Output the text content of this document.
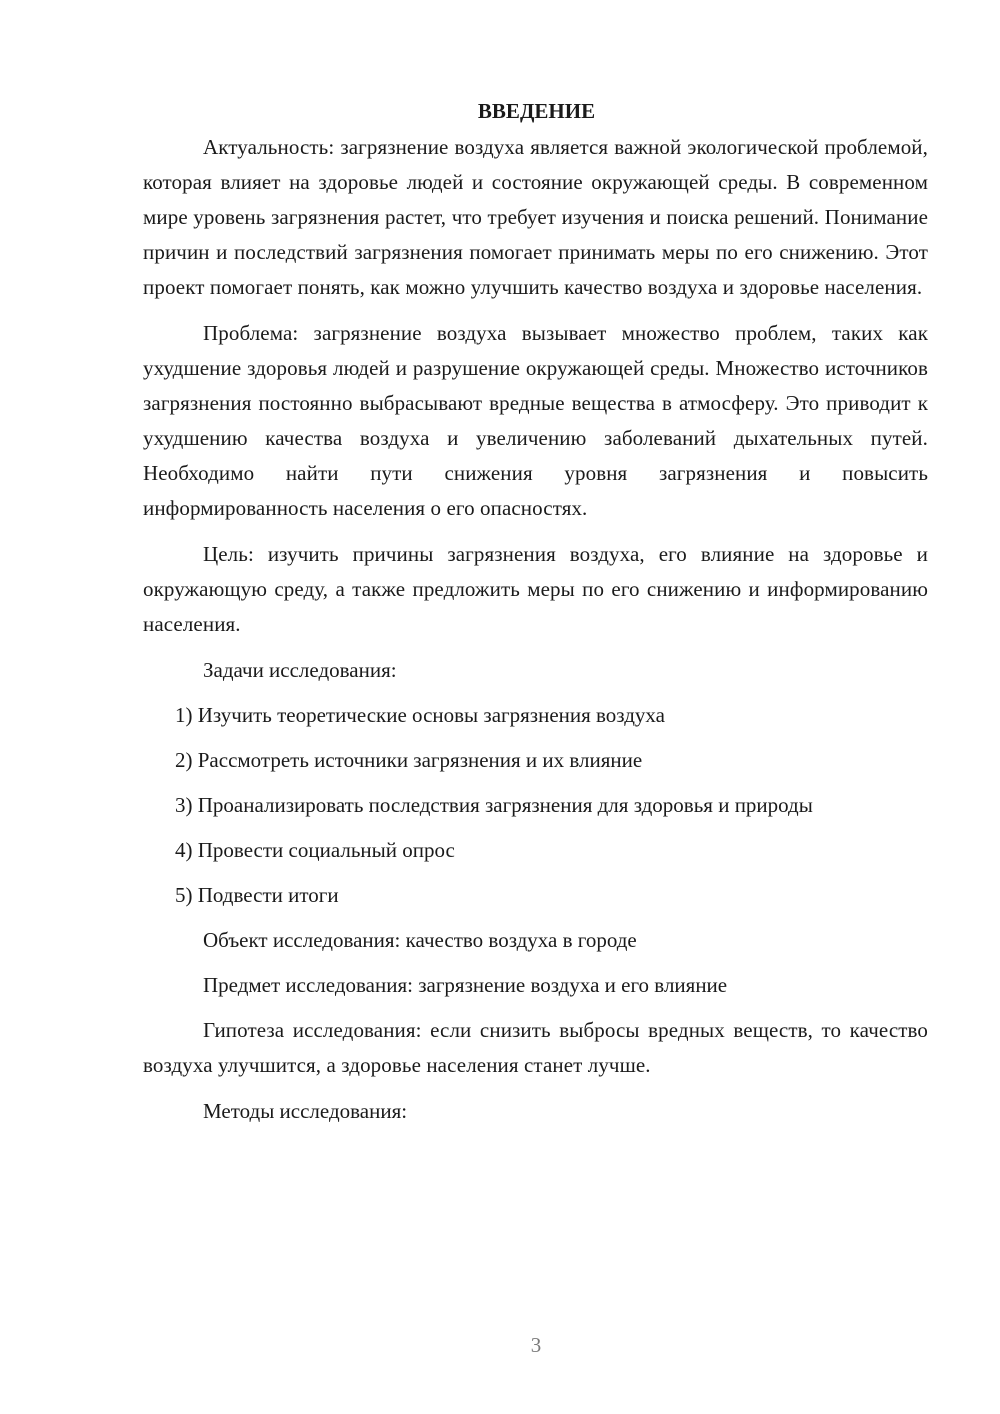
ВВЕДЕНИЕ

Актуальность: загрязнение воздуха является важной экологической проблемой, которая влияет на здоровье людей и состояние окружающей среды. В современном мире уровень загрязнения растет, что требует изучения и поиска решений. Понимание причин и последствий загрязнения помогает принимать меры по его снижению. Этот проект помогает понять, как можно улучшить качество воздуха и здоровье населения.

Проблема: загрязнение воздуха вызывает множество проблем, таких как ухудшение здоровья людей и разрушение окружающей среды. Множество источников загрязнения постоянно выбрасывают вредные вещества в атмосферу. Это приводит к ухудшению качества воздуха и увеличению заболеваний дыхательных путей. Необходимо найти пути снижения уровня загрязнения и повысить информированность населения о его опасностях.

Цель: изучить причины загрязнения воздуха, его влияние на здоровье и окружающую среду, а также предложить меры по его снижению и информированию населения.

Задачи исследования:
1) Изучить теоретические основы загрязнения воздуха
2) Рассмотреть источники загрязнения и их влияние
3) Проанализировать последствия загрязнения для здоровья и природы
4) Провести социальный опрос
5) Подвести итоги
Объект исследования: качество воздуха в городе
Предмет исследования: загрязнение воздуха и его влияние

Гипотеза исследования: если снизить выбросы вредных веществ, то качество воздуха улучшится, а здоровье населения станет лучше.

Методы исследования:
3
